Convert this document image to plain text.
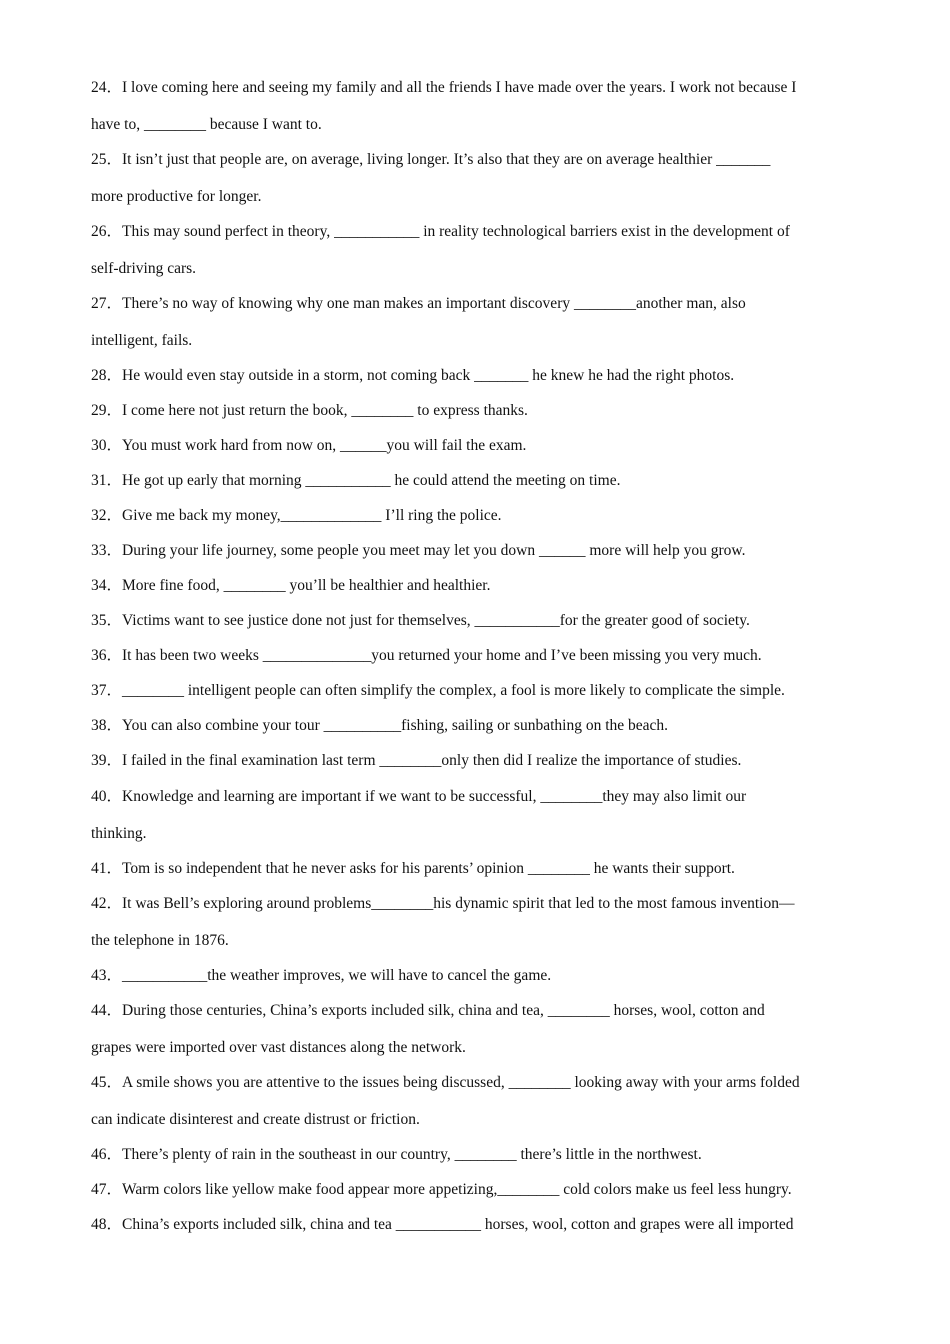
24．I love coming here and seeing my family and all the friends I have made over the years. I work not because I
have to, ________ because I want to.
25．It isn’t just that people are, on average, living longer. It’s also that they are on average healthier _______
more productive for longer.
26．This may sound perfect in theory, ___________ in reality technological barriers exist in the development of
self-driving cars.
27．There’s no way of knowing why one man makes an important discovery ________another man, also
intelligent, fails.
28．He would even stay outside in a storm, not coming back _______ he knew he had the right photos.
29．I come here not just return the book, ________ to express thanks.
30．You must work hard from now on, ______you will fail the exam.
31．He got up early that morning ___________ he could attend the meeting on time.
32．Give me back my money,_____________ I’ll ring the police.
33．During your life journey, some people you meet may let you down ______ more will help you grow.
34．More fine food, ________ you’ll be healthier and healthier.
35．Victims want to see justice done not just for themselves, ___________for the greater good of society.
36．It has been two weeks ______________you returned your home and I’ve been missing you very much.
37．________ intelligent people can often simplify the complex, a fool is more likely to complicate the simple.
38．You can also combine your tour __________fishing, sailing or sunbathing on the beach.
39．I failed in the final examination last term ________only then did I realize the importance of studies.
40．Knowledge and learning are important if we want to be successful, ________they may also limit our
thinking.
41．Tom is so independent that he never asks for his parents’ opinion ________ he wants their support.
42．It was Bell’s exploring around problems________his dynamic spirit that led to the most famous invention—
the telephone in 1876.
43．___________the weather improves, we will have to cancel the game.
44．During those centuries, China’s exports included silk, china and tea, ________ horses, wool, cotton and
grapes were imported over vast distances along the network.
45．A smile shows you are attentive to the issues being discussed, ________ looking away with your arms folded
can indicate disinterest and create distrust or friction.
46．There’s plenty of rain in the southeast in our country, ________ there’s little in the northwest.
47．Warm colors like yellow make food appear more appetizing,________ cold colors make us feel less hungry.
48．China’s exports included silk, china and tea ___________ horses, wool, cotton and grapes were all imported
